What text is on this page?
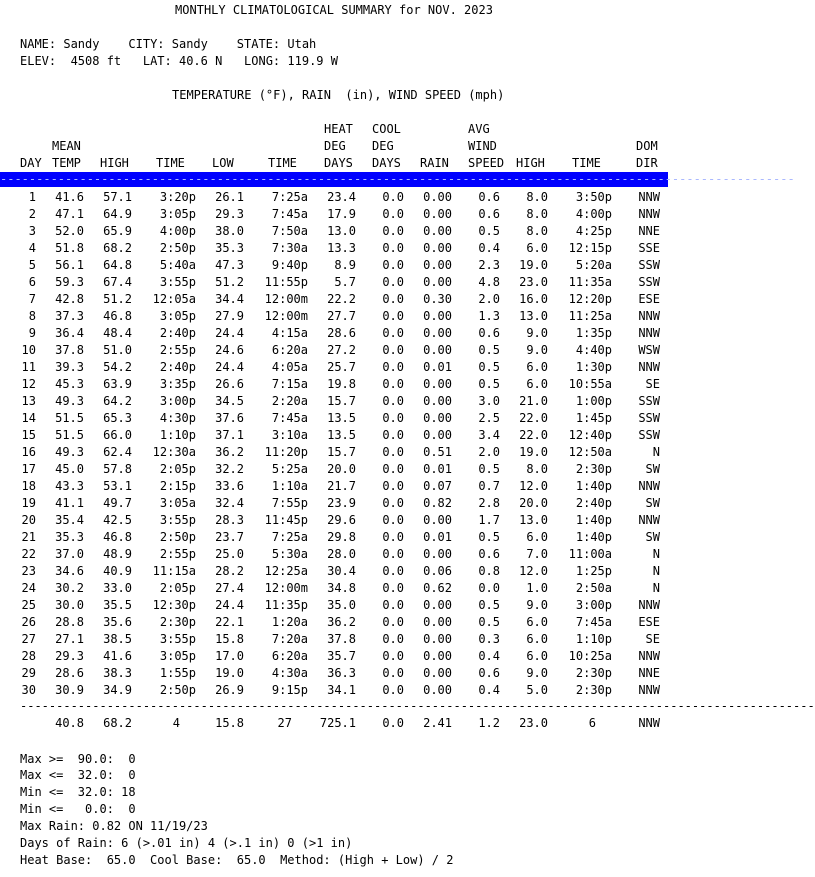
MONTHLY CLIMATOLOGICAL SUMMARY for NOV. 2023
NAME: Sandy CITY: Sandy STATE: Utah
ELEV: 4508 ft LAT: 40.6 N LONG: 119.9 W
TEMPERATURE (°F), RAIN  (in), WIND SPEED (mph)
HEAT COOL	AVG
MEAN	DEG DEG	WIND	DOM
DAY TEMP HIGH TIME LOW	TIME DAYS DAYS RAIN SPEED HIGH TIME	DIR
--------------------------------------------------------------------------------------------------------------
1 41.6 57.1	3:20p 26.1	7:25a	23.4	0.0 0.00	0.6	8.0	3:50p	NNW
2 47.1 64.9	3:05p 29.3	7:45a	17.9	0.0 0.00	0.6	8.0	4:00p	NNW
3 52.0 65.9	4:00p 38.0	7:50a	13.0	0.0 0.00	0.5	8.0	4:25p	NNE
4 51.8 68.2	2:50p 35.3	7:30a	13.3	0.0 0.00	0.4	6.0	12:15p	SSE
5 56.1 64.8	5:40a 47.3	9:40p	8.9	0.0 0.00	2.3	19.0	5:20a	SSW
6 59.3 67.4	3:55p 51.2	11:55p	5.7	0.0 0.00	4.8	23.0	11:35a	SSW
7 42.8 51.2	12:05a 34.4	12:00m	22.2	0.0 0.30	2.0	16.0	12:20p	ESE
8 37.3 46.8	3:05p 27.9	12:00m	27.7	0.0 0.00	1.3	13.0	11:25a	NNW
9 36.4 48.4	2:40p 24.4	4:15a	28.6	0.0 0.00	0.6	9.0	1:35p	NNW
10 37.8 51.0	2:55p 24.6	6:20a	27.2	0.0 0.00	0.5	9.0	4:40p	WSW
11 39.3 54.2	2:40p 24.4	4:05a	25.7	0.0 0.01	0.5	6.0	1:30p	NNW
12 45.3 63.9	3:35p 26.6	7:15a	19.8	0.0 0.00	0.5	6.0	10:55a	SE
13 49.3 64.2	3:00p 34.5	2:20a	15.7	0.0 0.00	3.0	21.0	1:00p	SSW
14 51.5 65.3	4:30p 37.6	7:45a	13.5	0.0 0.00	2.5	22.0	1:45p	SSW
15 51.5 66.0	1:10p 37.1	3:10a	13.5	0.0 0.00	3.4	22.0	12:40p	SSW
16 49.3 62.4	12:30a 36.2	11:20p	15.7	0.0 0.51	2.0	19.0	12:50a	N
17 45.0 57.8	2:05p 32.2	5:25a	20.0	0.0 0.01	0.5	8.0	2:30p	SW
18 43.3 53.1	2:15p 33.6	1:10a	21.7	0.0 0.07	0.7	12.0	1:40p	NNW
19 41.1 49.7	3:05a 32.4	7:55p	23.9	0.0 0.82	2.8	20.0	2:40p	SW
20 35.4 42.5	3:55p 28.3	11:45p	29.6	0.0 0.00	1.7	13.0	1:40p	NNW
21 35.3 46.8	2:50p 23.7	7:25a	29.8	0.0 0.01	0.5	6.0	1:40p	SW
22 37.0 48.9	2:55p 25.0	5:30a	28.0	0.0 0.00	0.6	7.0	11:00a	N
23 34.6 40.9	11:15a 28.2	12:25a	30.4	0.0 0.06	0.8	12.0	1:25p	N
24 30.2 33.0	2:05p 27.4	12:00m	34.8	0.0 0.62	0.0	1.0	2:50a	N
25 30.0 35.5	12:30p 24.4	11:35p	35.0	0.0 0.00	0.5	9.0	3:00p	NNW
26 28.8 35.6	2:30p 22.1	1:20a	36.2	0.0 0.00	0.5	6.0	7:45a	ESE
27 27.1 38.5	3:55p 15.8	7:20a	37.8	0.0 0.00	0.3	6.0	1:10p	SE
28 29.3 41.6	3:05p 17.0	6:20a	35.7	0.0 0.00	0.4	6.0	10:25a	NNW
29 28.6 38.3	1:55p 19.0	4:30a	36.3	0.0 0.00	0.6	9.0	2:30p	NNE
30 30.9 34.9	2:50p 26.9	9:15p	34.1	0.0 0.00	0.4	5.0	2:30p	NNW
--------------------------------------------------------------------------------------------------------------
40.8 68.2	4	15.8	27	725.1	0.0 2.41	1.2	23.0	6	NNW
Max >=  90.0:  0
Max <=  32.0:  0
Min <=  32.0: 18
Min <=   0.0:  0
Max Rain: 0.82 ON 11/19/23
Days of Rain: 6 (>.01 in) 4 (>.1 in) 0 (>1 in)
Heat Base:  65.0  Cool Base:  65.0  Method: (High + Low) / 2
